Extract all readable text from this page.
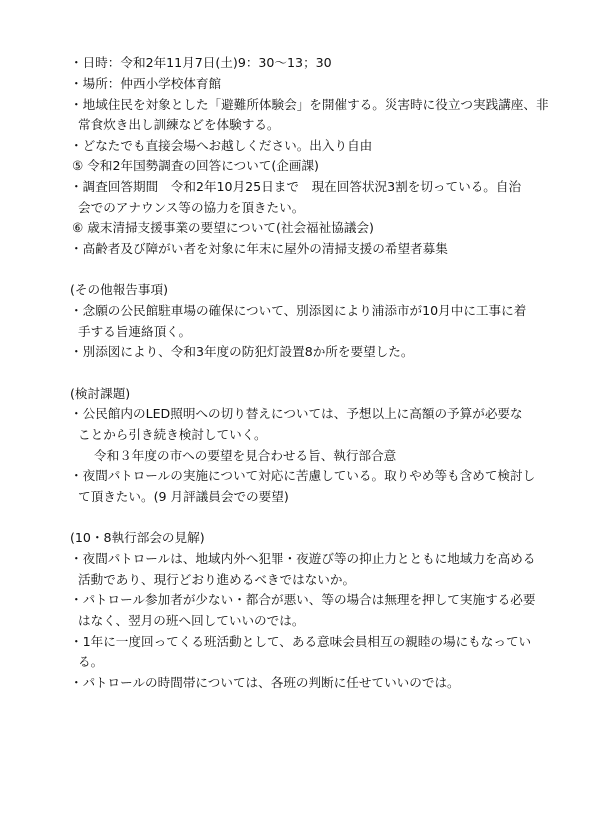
・日時：令和2年11月7日(土)9：30～13；30
・場所：仲西小学校体育館
・地域住民を対象とした「避難所体験会」を開催する。災害時に役立つ実践講座、非
常食炊き出し訓練などを体験する。
・どなたでも直接会場へお越しください。出入り自由
⑤ 令和2年国勢調査の回答について(企画課)
・調査回答期間　令和2年10月25日まで　現在回答状況3割を切っている。自治
会でのアナウンス等の協力を頂きたい。
⑥ 歳末清掃支援事業の要望について(社会福祉協議会)
・高齢者及び障がい者を対象に年末に屋外の清掃支援の希望者募集
(その他報告事項)
・念願の公民館駐車場の確保について、別添図により浦添市が10月中に工事に着
手する旨連絡頂く。
・別添図により、令和3年度の防犯灯設置8か所を要望した。
(検討課題)
・公民館内のLED照明への切り替えについては、予想以上に高額の予算が必要な
ことから引き続き検討していく。
令和３年度の市への要望を見合わせる旨、執行部合意
・夜間パトロールの実施について対応に苦慮している。取りやめ等も含めて検討し
て頂きたい。(9 月評議員会での要望)
(10・8執行部会の見解)
・夜間パトロールは、地域内外へ犯罪・夜遊び等の抑止力とともに地域力を高める
活動であり、現行どおり進めるべきではないか。
・パトロール参加者が少ない・都合が悪い、等の場合は無理を押して実施する必要
はなく、翌月の班へ回していいのでは。
・1年に一度回ってくる班活動として、ある意味会員相互の親睦の場にもなってい
る。
・パトロールの時間帯については、各班の判断に任せていいのでは。
